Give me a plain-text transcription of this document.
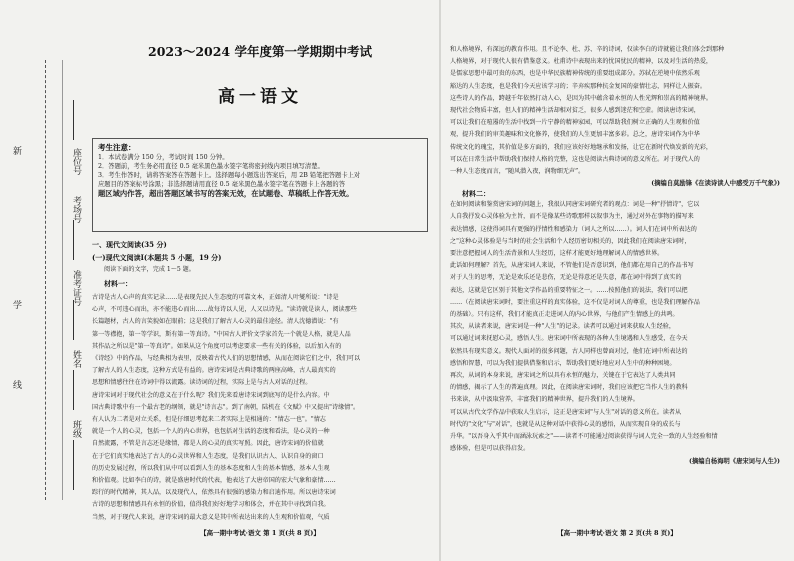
新
学
线
班级
姓名
准考证号
考场号
座位号
2023～2024 学年度第一学期期中考试
高一语文
考生注意：
1．本试卷满分 150 分，考试时间 150 分钟。
2．答题前，考生务必用直径 0.5 毫米黑色墨水签字笔将密封线内项目填写清楚。
3．考生作答时，请将答案答在答题卡上。选择题每小题选出答案后，用 2B 铅笔把答题卡上对
应题目的答案标号涂黑；非选择题请用直径 0.5 毫米黑色墨水签字笔在答题卡上各题的答
题区域内作答，超出答题区域书写的答案无效，在试题卷、草稿纸上作答无效。
一、现代文阅读(35 分)
(一)现代文阅读Ⅰ(本题共 5 小题，19 分)
阅读下面的文字，完成 1～5 题。
材料一：
古诗是古人心声的真实记录……是表现先民人生态度的可靠文本，正如清人叶燮所说："诗是
心声，不可违心而出，亦不能违心而出……故每诗以人见，人又以诗见。"读诗就是读人，阅读那些
长篇题材，古人的言笑貌如在眼前；这是我们了解古人心灵的最佳途径。清人沈德潜说："有
第一等襟抱，第一等学识，斯有第一等真诗。"中国古人评价文学家首先一个就是人格，就是人品
其作品之所以是"第一等真诗"。如果从这个角度可以考虑要求一些有关的体验，以后加入有的
《诗经》中的作品，与经典相为表里，反映着古代人们的思想情感，从而在阅读它们之中，我们可以
了解古人的人生态度，这种方式是有益的。唐诗宋词是古典诗歌的两座高峰，古人最真实的
思想和情感往往在诗词中得以流露。读诗词的过程，实际上是与古人对话的过程。
唐诗宋词对于现代社会的意义在于什么呢？我们先来看唐诗宋词到底写的是什么内容。中
国古典诗歌中有一个最古老的纲领，就是"诗言志"。到了南朝，陆机在《文赋》中又提出"诗缘情"。
有人认为二者是对立关系，但是仔细思考起来二者实际上是相通的："情志一也"。"情志
就是一个人的心灵，包括一个人的内心世界，也包括对生活的态度和看法，是心灵的一种
自然流露，不管是言志还是缘情，都是人的心灵的真实写照。因此，唐诗宋词的价值就
在于它们真实地表达了古人的心灵世界和人生态度，是我们认识古人、认识自身的窗口
的历史发展过程，所以我们从中可以看到人生的基本态度和人生的基本情感，基本人生观
和价值观。比如李白的诗，就是盛唐时代的代表，他表达了大唐帝国的宏大气象和豪情……
踪行的时代精神，其人品，以及现代人，依然具有很强的感染力和启迪作用。所以唐诗宋词
古诗的思想和情感具有永恒的价值，值得我们好好地学习和体会，并在其中寻找到自我。
当然，对于现代人来说，唐诗宋词的最大意义是其中所表达出来的人生观和价值观，气质
【高一期中考试·语文 第 1 页(共 8 页)】
和人格境界，有深远的教育作用。且不论李、杜、苏、辛的诗词，仅读李白的诗就能让我们体会到那种
人格境界，对于现代人很有借鉴意义。杜甫诗中表现出来的忧国忧民的精神，以及对生活的热爱，
是儒家思想中最可贵的东西，也是中华民族精神传统的重要组成部分。苏轼在逆境中依然乐观
豁达的人生态度，也是我们今天应该学习的；辛弃疾那种抗金复国的豪情壮志，同样让人振奋。
这些诗人的作品，跨越千年依然打动人心，是因为其中蕴含着永恒的人性光辉和崇高的精神境界。
现代社会物质丰富，但人们的精神生活却相对贫乏，很多人感到迷茫和空虚。阅读唐诗宋词，
可以让我们在喧嚣的生活中找到一片宁静的精神家园，可以帮助我们树立正确的人生观和价值
观，提升我们的审美趣味和文化修养，使我们的人生更加丰富多彩。总之，唐诗宋词作为中华
传统文化的瑰宝，其价值是多方面的，我们应该好好地继承和发扬，让它在新时代焕发新的光彩，
可以在日常生活中帮助我们保持人格的完整，这也是阅读古典诗词的意义所在。对于现代人的
一种人生态度而言，“随风潜入夜，润物细无声”。
(摘编自莫励锋《在读诗读人中感受万千气象》)
材料二：
在如何阅读和鉴赏唐宋词的问题上，我很认同唐宋词研究者的观点：词是一种"抒情诗"，它以
人自我抒发心灵体验为主旨，而不是像某些诗歌那样以叙事为主，通过对外在事物的描写来
表达情感，这使得词具有更强的抒情性和感染力（词人之所以……）。词人们在词中所表达的
之"这种心灵体验是与当时的社会生活和个人经历密切相关的，因此我们在阅读唐宋词时，
要注意把握词人的生活背景和人生经历，这样才能更好地理解词人的情感世界。
此话如何理解？首先，从唐宋词人来说，不管他们是否意识到，他们都在用自己的作品书写
对于人生的思考，无论是欢乐还是悲伤，无论是得意还是失意，都在词中得到了真实的
表达，这就是它区别于其他文学作品的重要特征之一。……按照他们的说法，我们可以把
……（在阅读唐宋词时，要注重这样的真实体验，这不仅是对词人的尊重，也是我们理解作品
的基础）。只有这样，我们才能真正走进词人的内心世界，与他们产生情感上的共鸣。
其次，从读者来说，唐宋词是一种"人生"的记录。读者可以通过词来获取人生经验，
可以通过词来抚慰心灵，感悟人生。唐宋词中所表现的各种人生境遇和人生感受，在今天
依然具有现实意义。现代人面对的很多问题，古人同样也曾面对过，他们在词中所表达的
感悟和智慧，可以为我们提供借鉴和启示，帮助我们更好地应对人生中的种种困境。
再次，从词的本身来说，唐宋词之所以具有永恒的魅力，关键在于它表达了人类共同
的情感，揭示了人生的普遍真理。因此，在阅读唐宋词时，我们应该把它当作人生的教科
书来读，从中汲取营养，丰富我们的精神世界，提升我们的人生境界。
可以从古代文学作品中获取人生启示，这正是唐宋词"与人生"对话的意义所在。读者从
时代的"文化"与"对话"，也就是从这种对话中获得心灵的感悟，从而实现自身的成长与
升华。"以吾身入乎其中而涵泳玩索之"——读者不可能通过阅读获得与词人完全一致的人生经验和情
感体验，但是可以获得启发。
(摘编自杨海明《唐宋词与人生》)
【高一期中考试·语文 第 2 页(共 8 页)】
